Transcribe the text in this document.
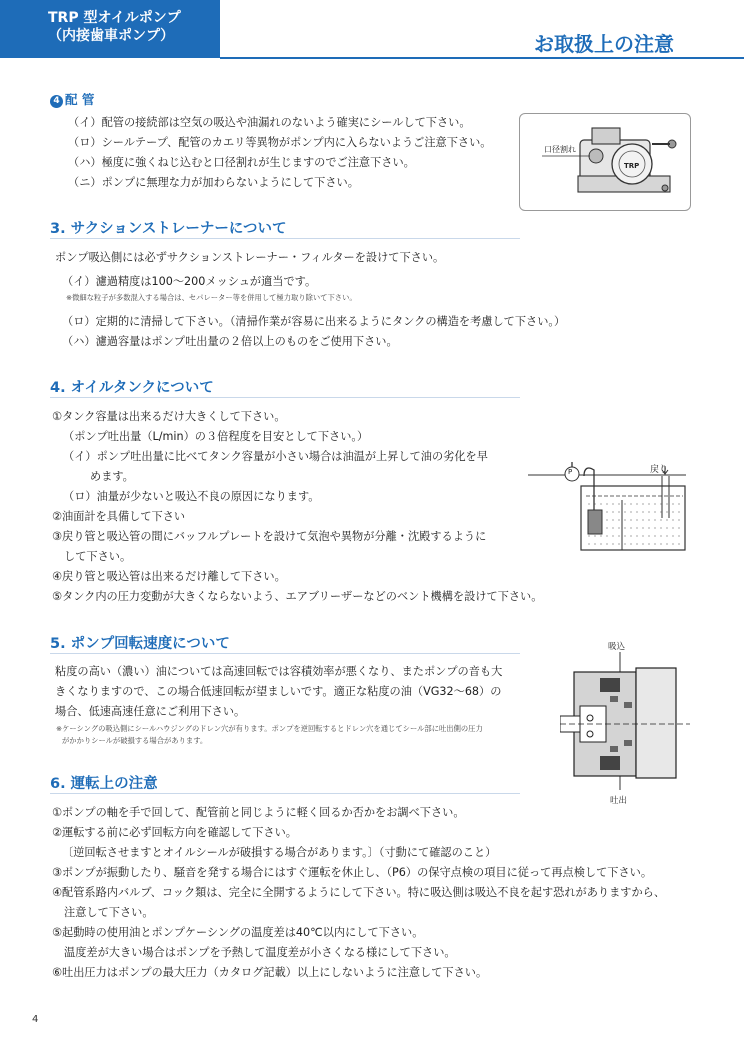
TRP 型オイルポンプ
（内接歯車ポンプ）	お取扱上の注意
4 配 管
（イ）配管の接続部は空気の吸込や油漏れのないよう確実にシールして下さい。
（ロ）シールテープ、配管のカエリ等異物がポンプ内に入らないようご注意下さい。
（ハ）極度に強くねじ込むと口径割れが生じますのでご注意下さい。
（ニ）ポンプに無理な力が加わらないようにして下さい。
口径割れ
TRP
3. サクションストレーナーについて
ポンプ吸込側には必ずサクションストレーナー・フィルターを設けて下さい。
（イ）濾過精度は100～200メッシュが適当です。
※微細な粒子が多数混入する場合は、セパレーター等を併用して極力取り除いて下さい。
（ロ）定期的に清掃して下さい。（清掃作業が容易に出来るようにタンクの構造を考慮して下さい。）
（ハ）濾過容量はポンプ吐出量の２倍以上のものをご使用下さい。
4. オイルタンクについて
①タンク容量は出来るだけ大きくして下さい。
（ポンプ吐出量（L/min）の３倍程度を目安として下さい。）
（イ）ポンプ吐出量に比べてタンク容量が小さい場合は油温が上昇して油の劣化を早
めます。
（ロ）油量が少ないと吸込不良の原因になります。
②油面計を具備して下さい
③戻り管と吸込管の間にバッフルプレートを設けて気泡や異物が分離・沈殿するように
して下さい。
④戻り管と吸込管は出来るだけ離して下さい。
⑤タンク内の圧力変動が大きくならないよう、エアブリーザーなどのベント機構を設けて下さい。
P	戻り
5. ポンプ回転速度について
粘度の高い（濃い）油については高速回転では容積効率が悪くなり、またポンプの音も大
きくなりますので、この場合低速回転が望ましいです。適正な粘度の油（VG32～68）の
場合、低速高速任意にご利用下さい。
※ケーシングの吸込側にシールハウジングのドレン穴が有ります。ポンプを逆回転するとドレン穴を通じてシール部に吐出側の圧力
がかかりシールが破損する場合があります。
吸込
吐出
6. 運転上の注意
①ポンプの軸を手で回して、配管前と同じように軽く回るか否かをお調べ下さい。
②運転する前に必ず回転方向を確認して下さい。
〔逆回転させますとオイルシールが破損する場合があります。〕（寸動にて確認のこと）
③ポンプが振動したり、騒音を発する場合にはすぐ運転を休止し、（P6）の保守点検の項目に従って再点検して下さい。
④配管系路内バルブ、コック類は、完全に全開するようにして下さい。特に吸込側は吸込不良を起す恐れがありますから、
注意して下さい。
⑤起動時の使用油とポンプケーシングの温度差は40℃以内にして下さい。
温度差が大きい場合はポンプを予熱して温度差が小さくなる様にして下さい。
⑥吐出圧力はポンプの最大圧力（カタログ記載）以上にしないように注意して下さい。
4
